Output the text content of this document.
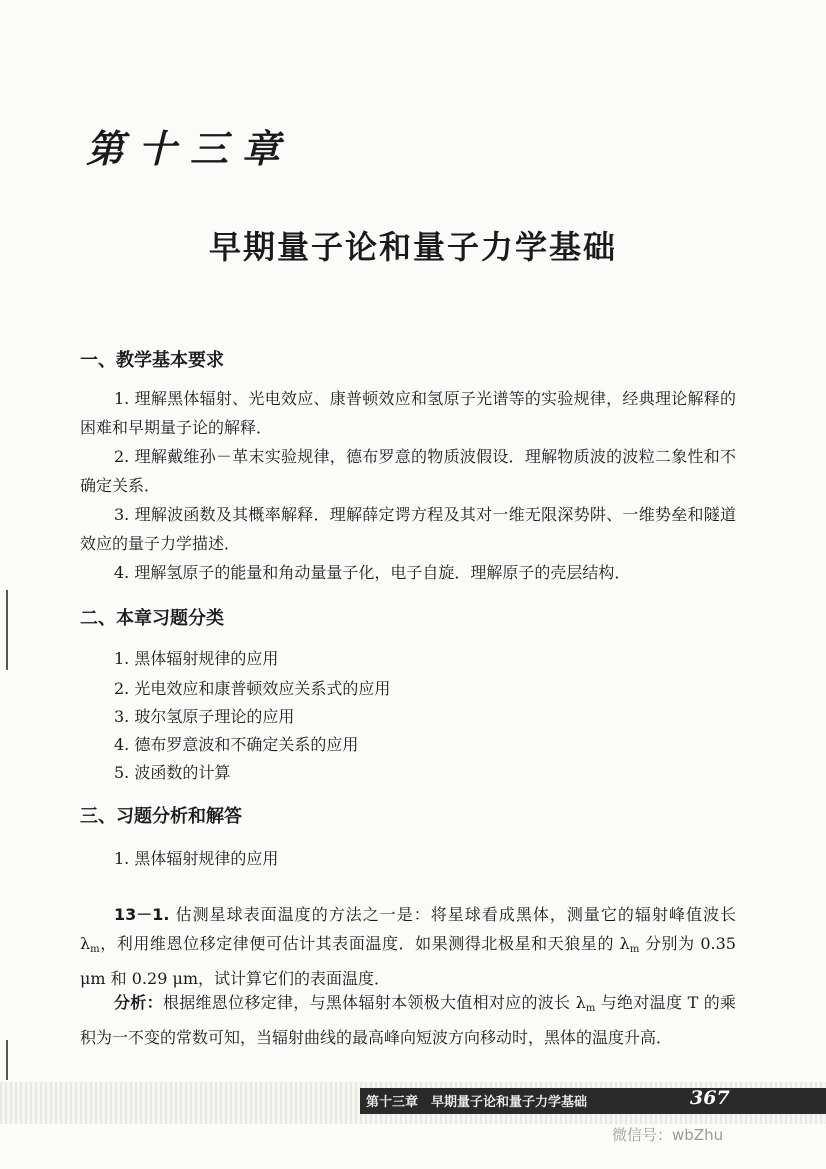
第十三章
早期量子论和量子力学基础
一、教学基本要求

1. 理解黑体辐射、光电效应、康普顿效应和氢原子光谱等的实验规律，经典理论解释的困难和早期量子论的解释．

2. 理解戴维孙－革末实验规律，德布罗意的物质波假设．理解物质波的波粒二象性和不确定关系．

3. 理解波函数及其概率解释．理解薛定谔方程及其对一维无限深势阱、一维势垒和隧道效应的量子力学描述．

4. 理解氢原子的能量和角动量量子化，电子自旋．理解原子的壳层结构．

二、本章习题分类

1. 黑体辐射规律的应用

2. 光电效应和康普顿效应关系式的应用

3. 玻尔氢原子理论的应用

4. 德布罗意波和不确定关系的应用

5. 波函数的计算

三、习题分析和解答

1. 黑体辐射规律的应用

13－1. 估测星球表面温度的方法之一是：将星球看成黑体，测量它的辐射峰值波长 $\lambda_m$，利用维恩位移定律便可估计其表面温度．如果测得北极星和天狼星的 $\lambda_m$ 分别为 0.35 μm 和 0.29 μm，试计算它们的表面温度．

分析：根据维恩位移定律，与黑体辐射本领极大值相对应的波长 $\lambda_m$ 与绝对温度 T 的乘积为一不变的常数可知，当辐射曲线的最高峰向短波方向移动时，黑体的温度升高．

第十三章　早期量子论和量子力学基础	367
微信号：wbZhu
